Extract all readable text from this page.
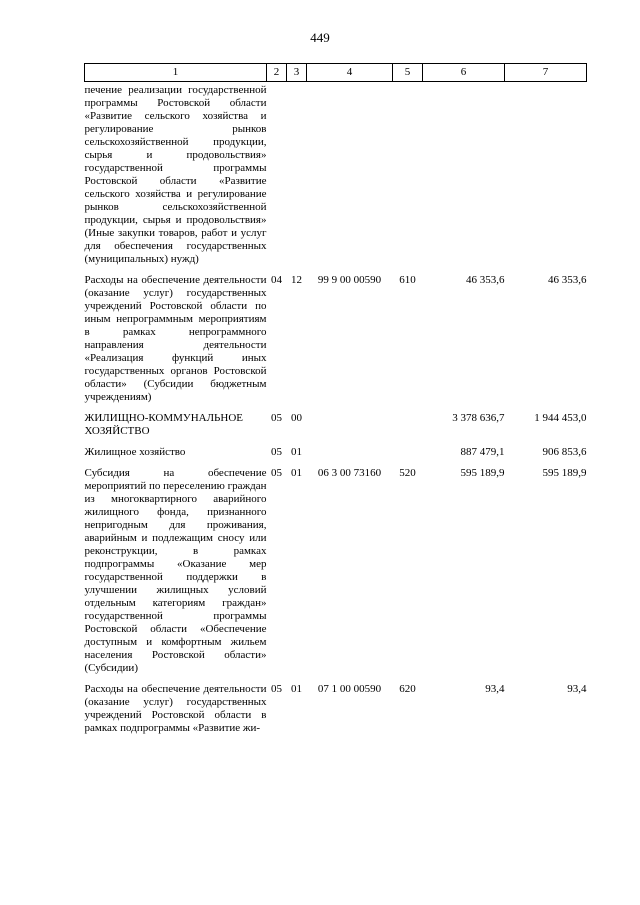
449
1	2	3	4	5	6	7
печение реализации государственной программы Ростовской области «Развитие сельского хозяйства и регулирование рынков сельскохозяйственной продукции, сырья и продовольствия» государственной программы Ростовской области «Развитие сельского хозяйства и регулирование рынков сельскохозяйственной продукции, сырья и продовольствия» (Иные закупки товаров, работ и услуг для обеспечения государственных (муниципальных) нужд)						
Расходы на обеспечение деятельности (оказание услуг) государственных учреждений Ростовской области по иным непрограммным мероприятиям в рамках непрограммного направления деятельности «Реализация функций иных государственных органов Ростовской области» (Субсидии бюджетным учреждениям)	04	12	99 9 00 00590	610	46 353,6	46 353,6
ЖИЛИЩНО-КОММУНАЛЬНОЕ ХОЗЯЙСТВО	05	00			3 378 636,7	1 944 453,0
Жилищное хозяйство	05	01			887 479,1	906 853,6
Субсидия на обеспечение мероприятий по переселению граждан из многоквартирного аварийного жилищного фонда, признанного непригодным для проживания, аварийным и подлежащим сносу или реконструкции, в рамках подпрограммы «Оказание мер государственной поддержки в улучшении жилищных условий отдельным категориям граждан» государственной программы Ростовской области «Обеспечение доступным и комфортным жильем населения Ростовской области» (Субсидии)	05	01	06 3 00 73160	520	595 189,9	595 189,9
Расходы на обеспечение деятельности (оказание услуг) государственных учреждений Ростовской области в рамках подпрограммы «Развитие жи-	05	01	07 1 00 00590	620	93,4	93,4
